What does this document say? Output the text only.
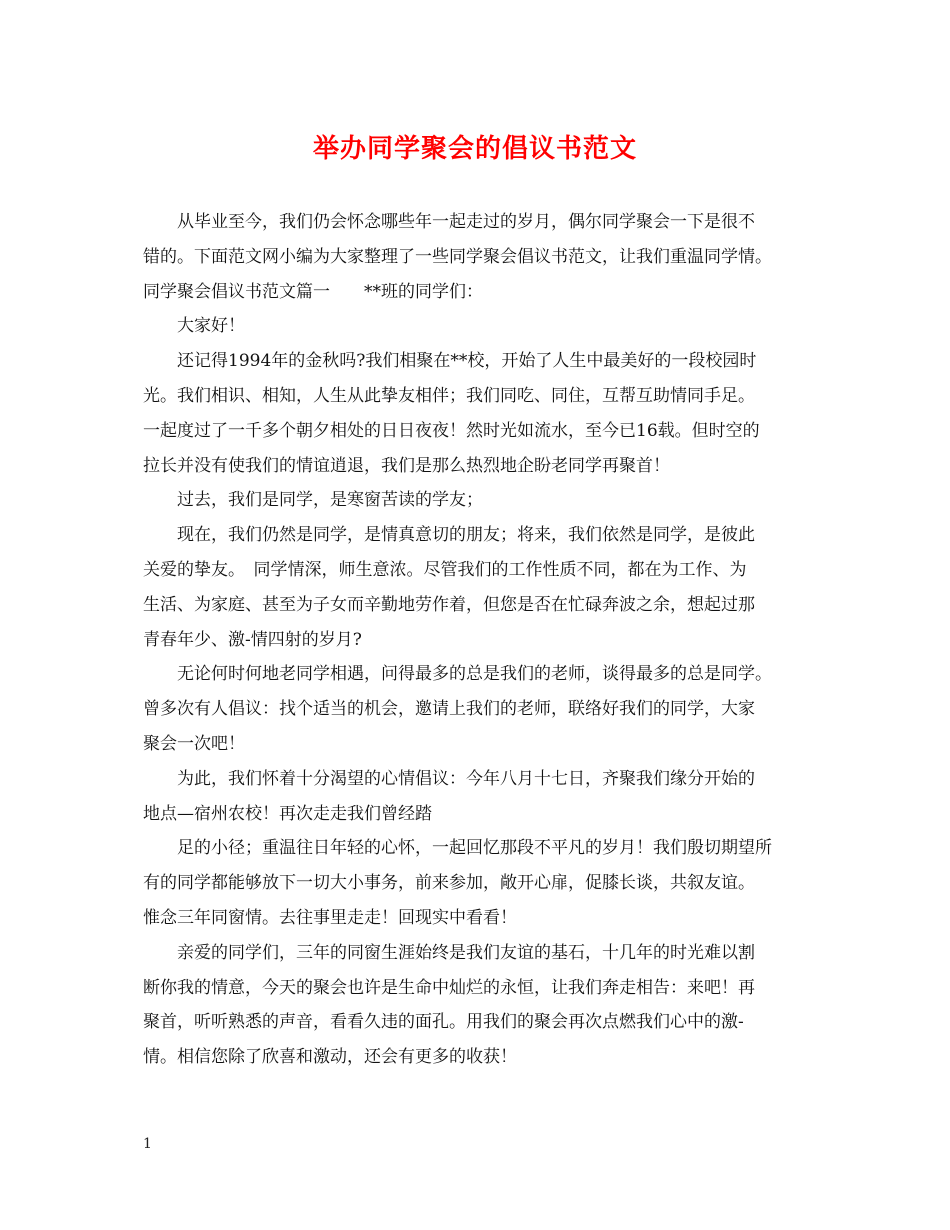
举办同学聚会的倡议书范文
从毕业至今，我们仍会怀念哪些年一起走过的岁月，偶尔同学聚会一下是很不
错的。下面范文网小编为大家整理了一些同学聚会倡议书范文，让我们重温同学情。
同学聚会倡议书范文篇一　　**班的同学们：
大家好！
还记得1994年的金秋吗?我们相聚在**校，开始了人生中最美好的一段校园时
光。我们相识、相知，人生从此挚友相伴；我们同吃、同住，互帮互助情同手足。
一起度过了一千多个朝夕相处的日日夜夜！然时光如流水，至今已16载。但时空的
拉长并没有使我们的情谊逍退，我们是那么热烈地企盼老同学再聚首！
过去，我们是同学，是寒窗苦读的学友；
现在，我们仍然是同学，是情真意切的朋友；将来，我们依然是同学，是彼此
关爱的挚友。　同学情深，师生意浓。尽管我们的工作性质不同，都在为工作、为
生活、为家庭、甚至为子女而辛勤地劳作着，但您是否在忙碌奔波之余，想起过那
青春年少、激-情四射的岁月?
无论何时何地老同学相遇，问得最多的总是我们的老师，谈得最多的总是同学。
曾多次有人倡议：找个适当的机会，邀请上我们的老师，联络好我们的同学，大家
聚会一次吧！
为此，我们怀着十分渴望的心情倡议：今年八月十七日，齐聚我们缘分开始的
地点—宿州农校！再次走走我们曾经踏
足的小径；重温往日年轻的心怀，一起回忆那段不平凡的岁月！我们殷切期望所
有的同学都能够放下一切大小事务，前来参加，敞开心扉，促膝长谈，共叙友谊。
惟念三年同窗情。去往事里走走！回现实中看看！
亲爱的同学们，三年的同窗生涯始终是我们友谊的基石，十几年的时光难以割
断你我的情意，今天的聚会也许是生命中灿烂的永恒，让我们奔走相告：来吧！再
聚首，听听熟悉的声音，看看久违的面孔。用我们的聚会再次点燃我们心中的激-
情。相信您除了欣喜和激动，还会有更多的收获！
1
